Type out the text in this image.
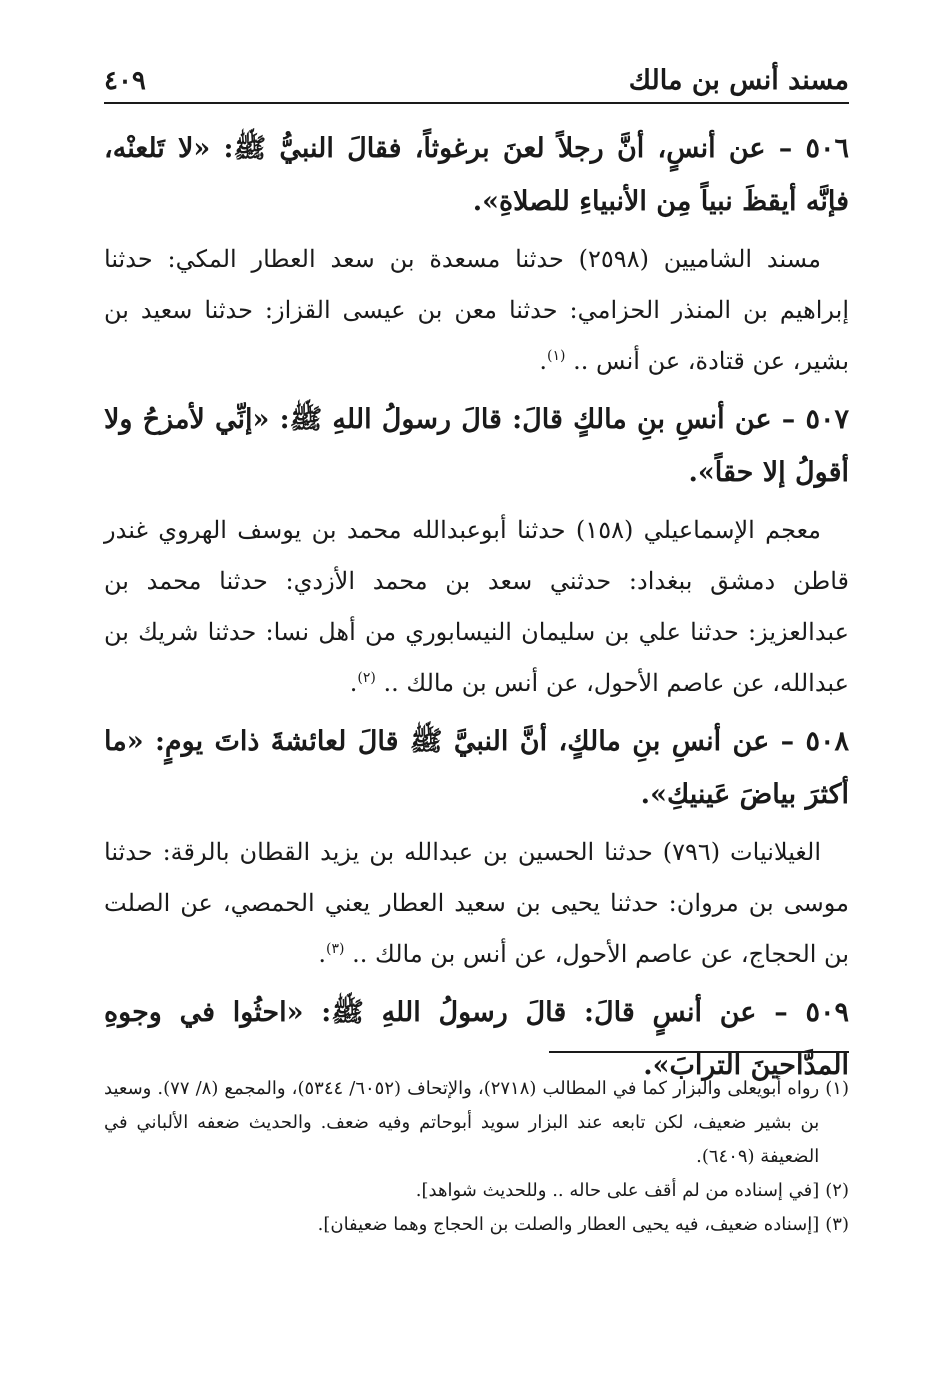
مسند أنس بن مالك
٤٠٩

٥٠٦ – عن أنسٍ، أنَّ رجلاً لعنَ برغوثاً، فقالَ النبيُّ ﷺ: «لا تَلعنْه، فإنَّه أيقظَ نبياً مِن الأنبياءِ للصلاةِ».

مسند الشاميين (٢٥٩٨) حدثنا مسعدة بن سعد العطار المكي: حدثنا إبراهيم بن المنذر الحزامي: حدثنا معن بن عيسى القزاز: حدثنا سعيد بن بشير، عن قتادة، عن أنس .. $^{(١)}$.

٥٠٧ – عن أنسِ بنِ مالكٍ قالَ: قالَ رسولُ اللهِ ﷺ: «إنِّي لأمزحُ ولا أقولُ إلا حقاً».

معجم الإسماعيلي (١٥٨) حدثنا أبوعبدالله محمد بن يوسف الهروي غندر قاطن دمشق ببغداد: حدثني سعد بن محمد الأزدي: حدثنا محمد بن عبدالعزيز: حدثنا علي بن سليمان النيسابوري من أهل نسا: حدثنا شريك بن عبدالله، عن عاصم الأحول، عن أنس بن مالك .. $^{(٢)}$.

٥٠٨ – عن أنسِ بنِ مالكٍ، أنَّ النبيَّ ﷺ قالَ لعائشةَ ذاتَ يومٍ: «ما أكثرَ بياضَ عَينيكِ».

الغيلانيات (٧٩٦) حدثنا الحسين بن عبدالله بن يزيد القطان بالرقة: حدثنا موسى بن مروان: حدثنا يحيى بن سعيد العطار يعني الحمصي، عن الصلت بن الحجاج، عن عاصم الأحول، عن أنس بن مالك .. $^{(٣)}$.

٥٠٩ – عن أنسٍ قالَ: قالَ رسولُ اللهِ ﷺ: «احثُوا في وجوهِ المدَّاحينَ الترابَ».

(١)
رواه أبويعلى والبزار كما في المطالب (٢٧١٨)، والإتحاف (٦٠٥٢/ ٥٣٤٤)، والمجمع (٨/ ٧٧). وسعيد بن بشير ضعيف، لكن تابعه عند البزار سويد أبوحاتم وفيه ضعف. والحديث ضعفه الألباني في الضعيفة (٦٤٠٩).

(٢)
[في إسناده من لم أقف على حاله .. وللحديث شواهد].

(٣)
[إسناده ضعيف، فيه يحيى العطار والصلت بن الحجاج وهما ضعيفان].
